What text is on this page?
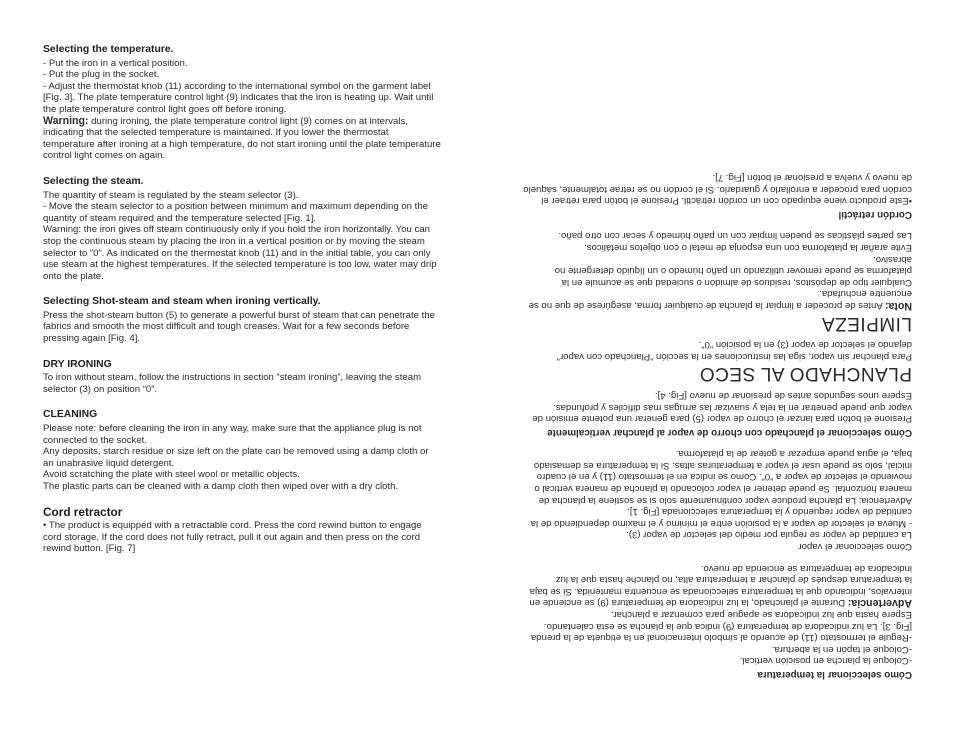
Selecting the temperature.

- Put the iron in a vertical position.

- Put the plug in the socket.

- Adjust the thermostat knob (11) according to the international symbol on the garment label [Fig. 3]. The plate temperature control light (9) indicates that the iron is heating up. Wait until the plate temperature control light goes off before ironing.

Warning: during ironing, the plate temperature control light (9) comes on at intervals, indicating that the selected temperature is maintained. If you lower the thermostat temperature after ironing at a high temperature, do not start ironing until the plate temperature control light comes on again.

Selecting the steam.

The quantity of steam is regulated by the steam selector (3).

- Move the steam selector to a position between minimum and maximum depending on the quantity of steam required and the temperature selected [Fig. 1].

Warning: the iron gives off steam continuously only if you hold the iron horizontally. You can stop the continuous steam by placing the iron in a vertical position or by moving the steam selector to “0”. As indicated on the thermostat knob (11) and in the initial table, you can only use steam at the highest temperatures. If the selected temperature is too low, water may drip onto the plate.

Selecting Shot-steam and steam when ironing vertically.

Press the shot-steam button (5) to generate a powerful burst of steam that can penetrate the fabrics and smooth the most difficult and tough creases. Wait for a few seconds before pressing again [Fig. 4].

DRY IRONING

To iron without steam, follow the instructions in section “steam ironing”, leaving the steam selector (3) on position “0”.

CLEANING

Please note: before cleaning the iron in any way, make sure that the appliance plug is not connected to the socket.

Any deposits, starch residue or size left on the plate can be removed using a damp cloth or an unabrasive liquid detergent.

Avoid scratching the plate with steel wool or metallic objects.

The plastic parts can be cleaned with a damp cloth then wiped over with a dry cloth.

Cord retractor

• The product is equipped with a retractable cord. Press the cord rewind button to engage cord storage. If the cord does not fully retract, pull it out again and then press on the cord rewind button. [Fig. 7]

Cómo seleccionar la temperatura

-Coloque la plancha en posición vertical.

-Coloque el tapón en la abertura.

-Regule el termostato (11) de acuerdo al símbolo internacional en la etiqueta de la prenda [Fig. 3]. La luz indicadora de temperatura (9) indica que la plancha se está calentando. Espere hasta que luz indicadora se apague para comenzar a planchar.

Advertencia: Durante el planchado, la luz indicadora de temperatura (9) se enciende en intervalos, indicando que la temperatura seleccionada se encuentra mantenida. Si se baja la temperatura después de planchar a temperatura alta, no planche hasta que la luz indicadora de temperatura se encienda de nuevo.

Cómo seleccionar el vapor

La cantidad de vapor se regula por medio del selector de vapor (3).

- Mueva el selector de vapor a la posición entre el mínimo y el máximo dependiendo de la cantidad de vapor requerido y la temperatura seleccionada [Fig. 1].

Advertencia: La plancha produce vapor continuamente solo si se sostiene la plancha de manera horizontal. Se puede detener el vapor colocando la plancha de manera vertical o moviendo el selector de vapor a “0”. Como se indica en el termostato (11) y en el cuadro inicial, solo se puede usar el vapor a temperaturas altas. Si la temperatura es demasiado baja, el agua puede empezar a gotear de la plataforma.

Cómo seleccionar el planchado con chorro de vapor al planchar verticalmente

Presione el botón para lanzar el chorro de vapor (5) para generar una potente emisión de vapor que puede penetrar en la tela y suavizar las arrugas más difíciles y profundas. Espere unos segundos antes de presionar de nuevo [Fig. 4].

PLANCHADO AL SECO

Para planchar sin vapor, siga las instrucciones en la sección “Planchado con vapor” dejando el selector de vapor (3) en la posición “0”.

LIMPIEZA

Nota: Antes de proceder a limpiar la plancha de cualquier forma, asegúrese de que no se encuentre enchufada.

Cualquier tipo de depósitos, residuos de almidón o suciedad que se acumule en la plataforma se puede remover utilizando un paño húmedo o un líquido detergente no abrasivo.

Evite arañar la plataforma con una esponja de metal o con objetos metálicos.

Las partes plásticas se pueden limpiar con un paño húmedo y secar con otro paño.

Cordón retráctil

•Este producto viene equipado con un cordón retráctil. Presione el botón para retraer el cordón para proceder a enrollarlo y guardarlo. Si el cordón no se retrae totalmente, sáquelo de nuevo y vuelva a presionar el botón [Fig. 7].
